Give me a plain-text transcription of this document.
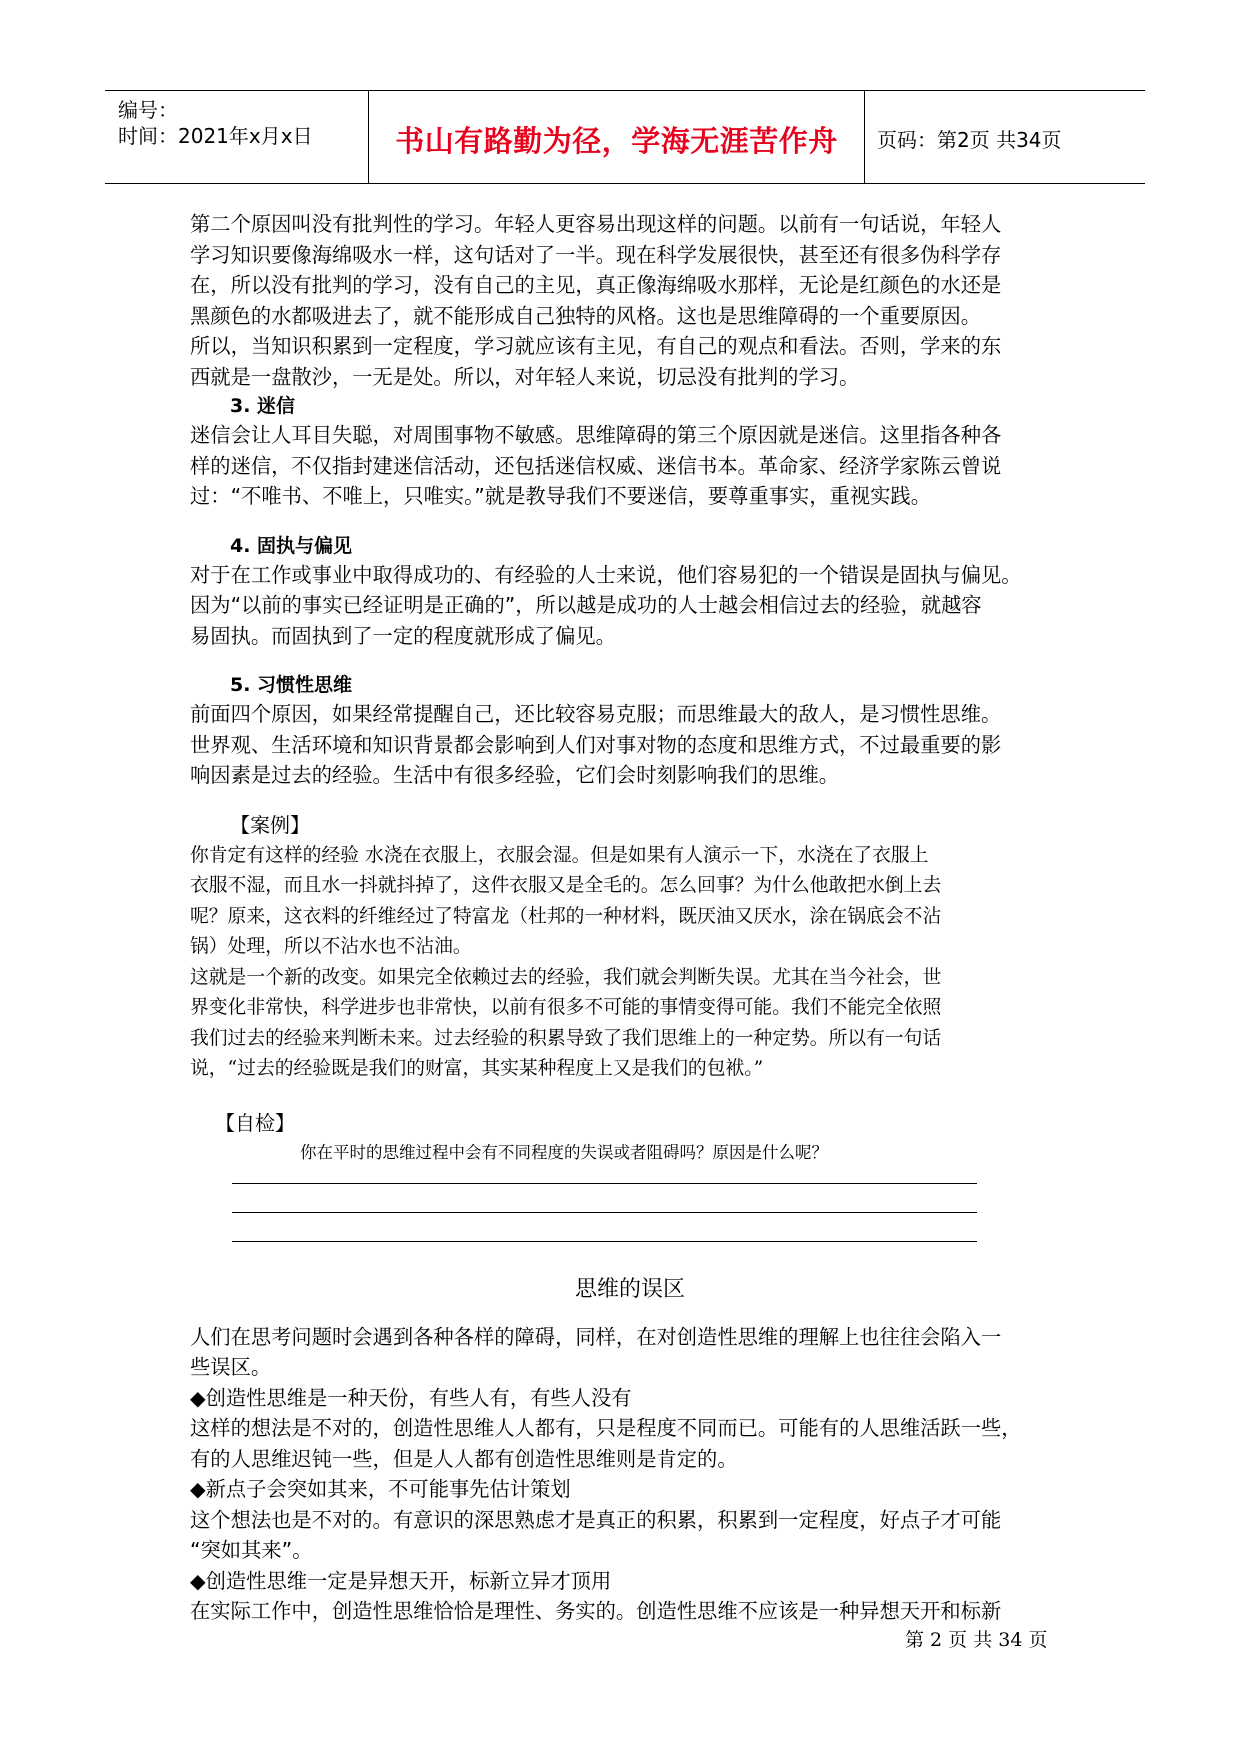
编号：
时间：2021年x月x日	书山有路勤为径，学海无涯苦作舟	页码：第2页 共34页
第二个原因叫没有批判性的学习。年轻人更容易出现这样的问题。以前有一句话说，年轻人
学习知识要像海绵吸水一样，这句话对了一半。现在科学发展很快，甚至还有很多伪科学存
在，所以没有批判的学习，没有自己的主见，真正像海绵吸水那样，无论是红颜色的水还是
黑颜色的水都吸进去了，就不能形成自己独特的风格。这也是思维障碍的一个重要原因。
所以，当知识积累到一定程度，学习就应该有主见，有自己的观点和看法。否则，学来的东
西就是一盘散沙，一无是处。所以，对年轻人来说，切忌没有批判的学习。
3. 迷信
迷信会让人耳目失聪，对周围事物不敏感。思维障碍的第三个原因就是迷信。这里指各种各
样的迷信，不仅指封建迷信活动，还包括迷信权威、迷信书本。革命家、经济学家陈云曾说
过：“不唯书、不唯上，只唯实。”就是教导我们不要迷信，要尊重事实，重视实践。
4. 固执与偏见
对于在工作或事业中取得成功的、有经验的人士来说，他们容易犯的一个错误是固执与偏见。
因为“以前的事实已经证明是正确的”，所以越是成功的人士越会相信过去的经验，就越容
易固执。而固执到了一定的程度就形成了偏见。
5. 习惯性思维
前面四个原因，如果经常提醒自己，还比较容易克服；而思维最大的敌人，是习惯性思维。
世界观、生活环境和知识背景都会影响到人们对事对物的态度和思维方式，不过最重要的影
响因素是过去的经验。生活中有很多经验，它们会时刻影响我们的思维。
【案例】
你肯定有这样的经验 水浇在衣服上，衣服会湿。但是如果有人演示一下，水浇在了衣服上
衣服不湿，而且水一抖就抖掉了，这件衣服又是全毛的。怎么回事？为什么他敢把水倒上去
呢？原来，这衣料的纤维经过了特富龙（杜邦的一种材料，既厌油又厌水，涂在锅底会不沾
锅）处理，所以不沾水也不沾油。
这就是一个新的改变。如果完全依赖过去的经验，我们就会判断失误。尤其在当今社会，世
界变化非常快，科学进步也非常快，以前有很多不可能的事情变得可能。我们不能完全依照
我们过去的经验来判断未来。过去经验的积累导致了我们思维上的一种定势。所以有一句话
说，“过去的经验既是我们的财富，其实某种程度上又是我们的包袱。”
【自检】
你在平时的思维过程中会有不同程度的失误或者阻碍吗？原因是什么呢？
思维的误区
人们在思考问题时会遇到各种各样的障碍，同样，在对创造性思维的理解上也往往会陷入一
些误区。
◆创造性思维是一种天份，有些人有，有些人没有
这样的想法是不对的，创造性思维人人都有，只是程度不同而已。可能有的人思维活跃一些，
有的人思维迟钝一些，但是人人都有创造性思维则是肯定的。
◆新点子会突如其来，不可能事先估计策划
这个想法也是不对的。有意识的深思熟虑才是真正的积累，积累到一定程度，好点子才可能
“突如其来”。
◆创造性思维一定是异想天开，标新立异才顶用
在实际工作中，创造性思维恰恰是理性、务实的。创造性思维不应该是一种异想天开和标新
第 2 页 共 34 页
